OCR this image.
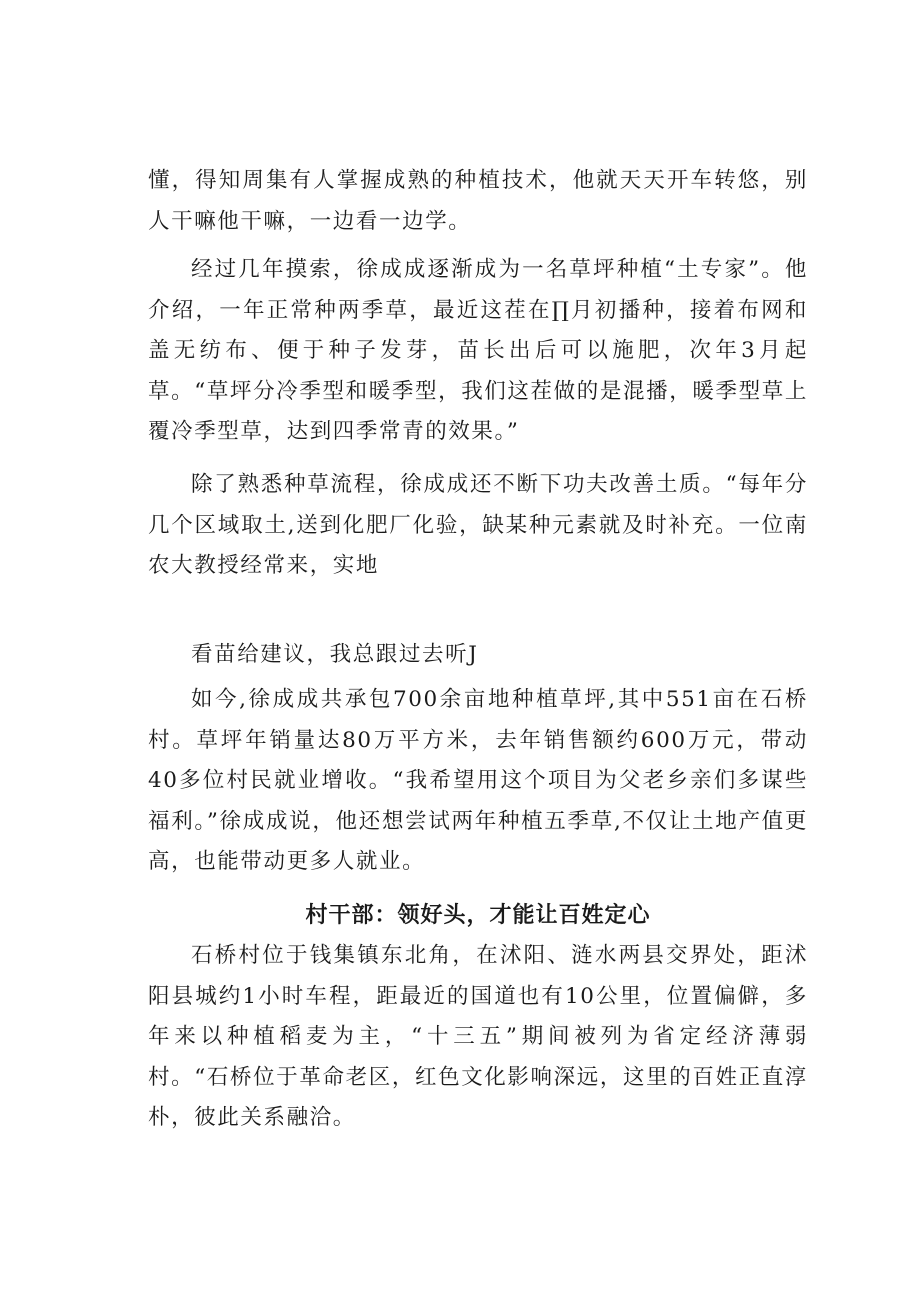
懂，得知周集有人掌握成熟的种植技术，他就天天开车转悠，别人干嘛他干嘛，一边看一边学。

经过几年摸索，徐成成逐渐成为一名草坪种植“土专家”。他介绍，一年正常种两季草，最近这茬在∏月初播种，接着布网和盖无纺布、便于种子发芽，苗长出后可以施肥，次年3月起草。“草坪分冷季型和暖季型，我们这茬做的是混播，暖季型草上覆冷季型草，达到四季常青的效果。”

除了熟悉种草流程，徐成成还不断下功夫改善土质。“每年分几个区域取土,送到化肥厂化验，缺某种元素就及时补充。一位南农大教授经常来，实地

看苗给建议，我总跟过去听J

如今,徐成成共承包700余亩地种植草坪,其中551亩在石桥村。草坪年销量达80万平方米，去年销售额约600万元，带动40多位村民就业增收。“我希望用这个项目为父老乡亲们多谋些福利。”徐成成说，他还想尝试两年种植五季草,不仅让土地产值更高，也能带动更多人就业。

村干部：领好头，才能让百姓定心

石桥村位于钱集镇东北角，在沭阳、涟水两县交界处，距沭阳县城约1小时车程，距最近的国道也有10公里，位置偏僻，多年来以种植稻麦为主，“十三五”期间被列为省定经济薄弱村。“石桥位于革命老区，红色文化影响深远，这里的百姓正直淳朴，彼此关系融洽。
